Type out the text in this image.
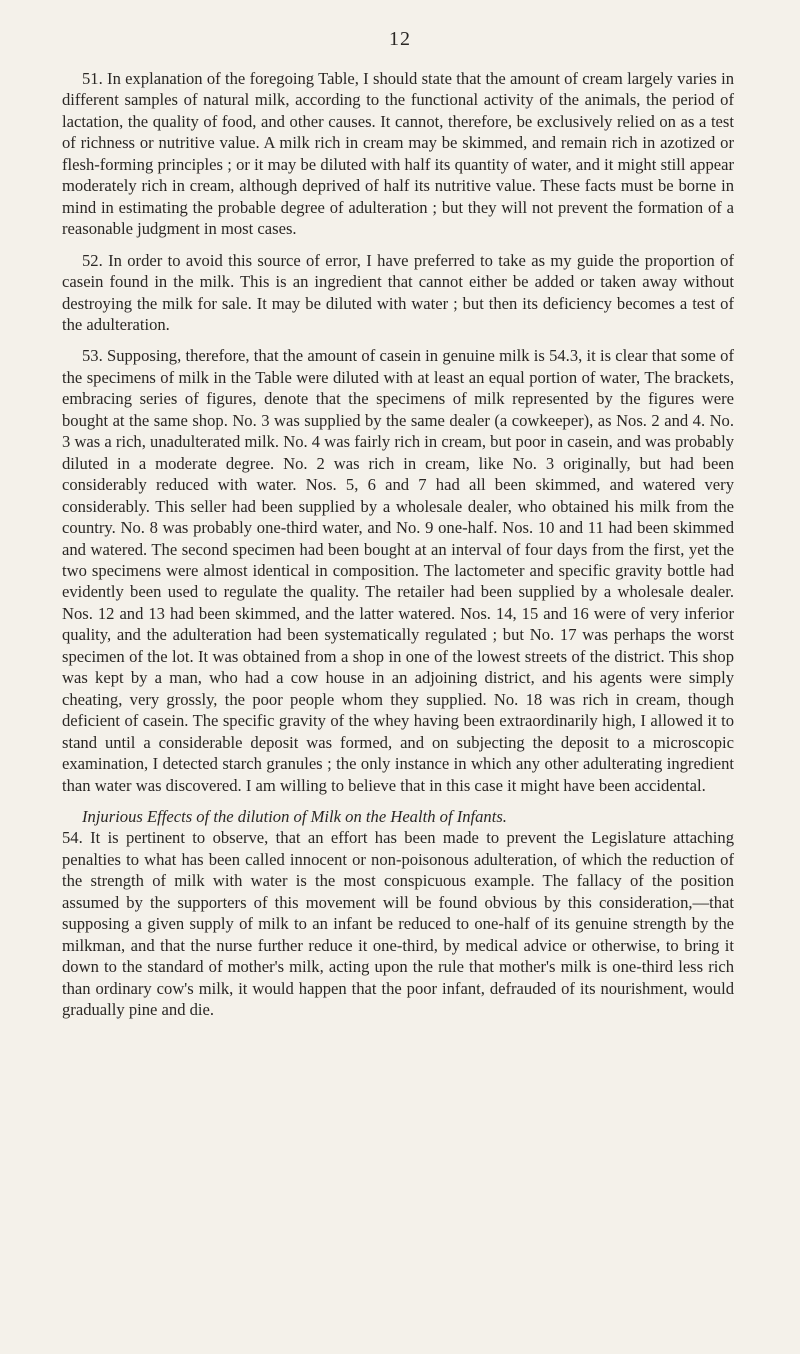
12

51. In explanation of the foregoing Table, I should state that the amount of cream largely varies in different samples of natural milk, according to the functional activity of the animals, the period of lactation, the quality of food, and other causes. It cannot, therefore, be exclusively relied on as a test of richness or nutritive value. A milk rich in cream may be skimmed, and remain rich in azotized or flesh-forming principles ; or it may be diluted with half its quantity of water, and it might still appear moderately rich in cream, although deprived of half its nutritive value. These facts must be borne in mind in estimating the probable degree of adulteration ; but they will not prevent the formation of a reasonable judgment in most cases.

52. In order to avoid this source of error, I have preferred to take as my guide the proportion of casein found in the milk. This is an ingredient that cannot either be added or taken away without destroying the milk for sale. It may be diluted with water ; but then its deficiency becomes a test of the adulteration.

53. Supposing, therefore, that the amount of casein in genuine milk is 54.3, it is clear that some of the specimens of milk in the Table were diluted with at least an equal portion of water, The brackets, embracing series of figures, denote that the specimens of milk represented by the figures were bought at the same shop. No. 3 was supplied by the same dealer (a cowkeeper), as Nos. 2 and 4. No. 3 was a rich, unadulterated milk. No. 4 was fairly rich in cream, but poor in casein, and was probably diluted in a moderate degree. No. 2 was rich in cream, like No. 3 originally, but had been considerably reduced with water. Nos. 5, 6 and 7 had all been skimmed, and watered very considerably. This seller had been supplied by a wholesale dealer, who obtained his milk from the country. No. 8 was probably one-third water, and No. 9 one-half. Nos. 10 and 11 had been skimmed and watered. The second specimen had been bought at an interval of four days from the first, yet the two specimens were almost identical in composition. The lactometer and specific gravity bottle had evidently been used to regulate the quality. The retailer had been supplied by a wholesale dealer. Nos. 12 and 13 had been skimmed, and the latter watered. Nos. 14, 15 and 16 were of very inferior quality, and the adulteration had been systematically regulated ; but No. 17 was perhaps the worst specimen of the lot. It was obtained from a shop in one of the lowest streets of the district. This shop was kept by a man, who had a cow house in an adjoining district, and his agents were simply cheating, very grossly, the poor people whom they supplied. No. 18 was rich in cream, though deficient of casein. The specific gravity of the whey having been extraordinarily high, I allowed it to stand until a considerable deposit was formed, and on subjecting the deposit to a microscopic examination, I detected starch granules ; the only instance in which any other adulterating ingredient than water was discovered. I am willing to believe that in this case it might have been accidental.

Injurious Effects of the dilution of Milk on the Health of Infants.

54. It is pertinent to observe, that an effort has been made to prevent the Legislature attaching penalties to what has been called innocent or non-poisonous adulteration, of which the reduction of the strength of milk with water is the most conspicuous example. The fallacy of the position assumed by the supporters of this movement will be found obvious by this consideration,—that supposing a given supply of milk to an infant be reduced to one-half of its genuine strength by the milkman, and that the nurse further reduce it one-third, by medical advice or otherwise, to bring it down to the standard of mother's milk, acting upon the rule that mother's milk is one-third less rich than ordinary cow's milk, it would happen that the poor infant, defrauded of its nourishment, would gradually pine and die.
